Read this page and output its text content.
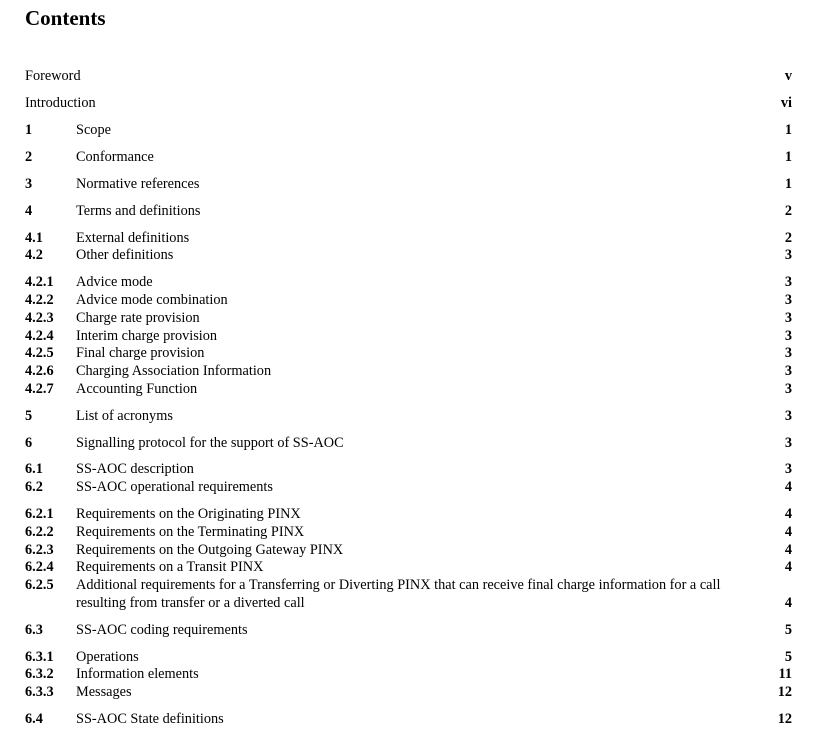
Contents
Foreword	v
Introduction	vi
1	Scope	1
2	Conformance	1
3	Normative references	1
4	Terms and definitions	2
4.1 External definitions	2
4.2 Other definitions	3
4.2.1 Advice mode	3
4.2.2 Advice mode combination	3
4.2.3 Charge rate provision	3
4.2.4 Interim charge provision	3
4.2.5 Final charge provision	3
4.2.6 Charging Association Information	3
4.2.7 Accounting Function	3
5	List of acronyms	3
6	Signalling protocol for the support of SS-AOC	3
6.1 SS-AOC description	3
6.2 SS-AOC operational requirements	4
6.2.1 Requirements on the Originating PINX	4
6.2.2 Requirements on the Terminating PINX	4
6.2.3 Requirements on the Outgoing Gateway PINX	4
6.2.4 Requirements on a Transit PINX	4
6.2.5 Additional requirements for a Transferring or Diverting PINX that can receive final charge information for a call resulting from transfer or a diverted call	4
6.3 SS-AOC coding requirements	5
6.3.1 Operations	5
6.3.2 Information elements	11
6.3.3 Messages	12
6.4 SS-AOC State definitions	12
